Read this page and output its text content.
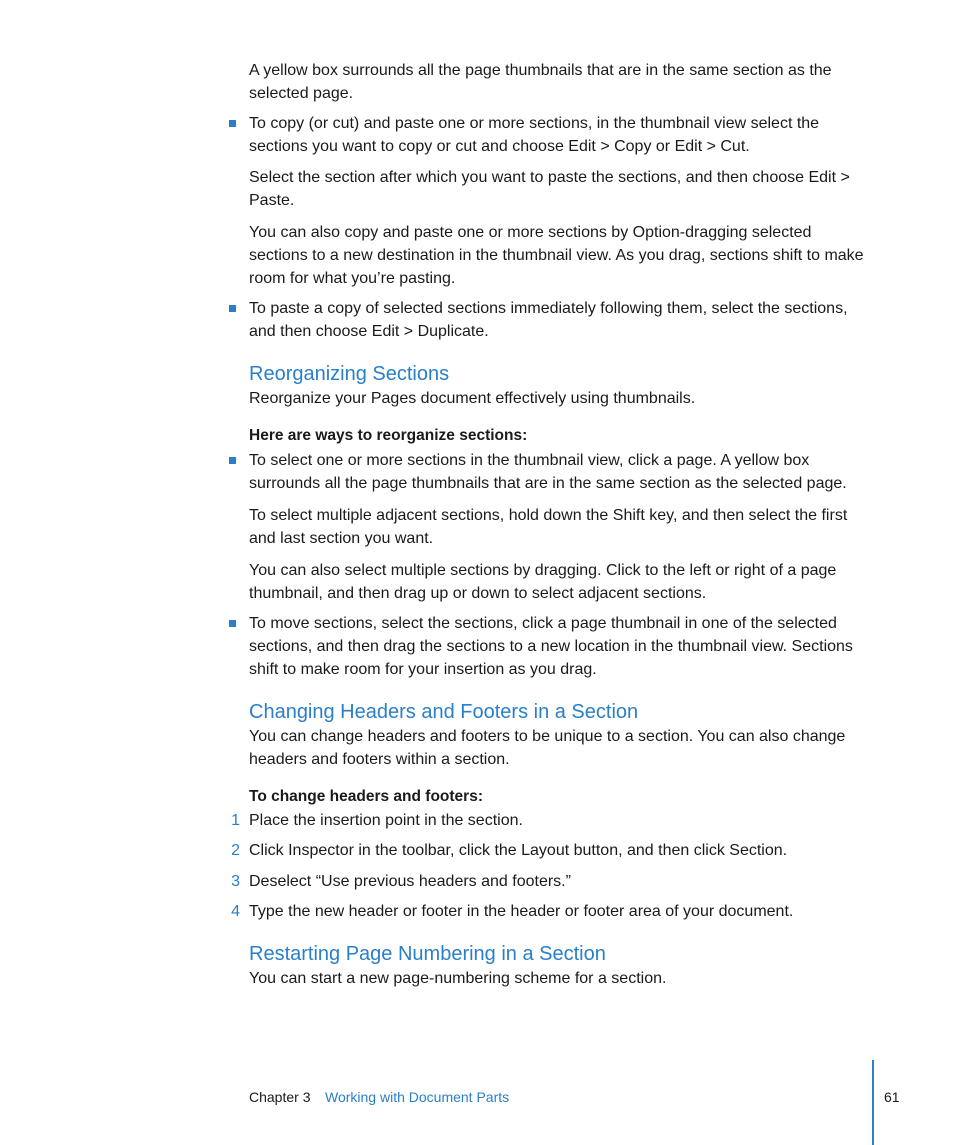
A yellow box surrounds all the page thumbnails that are in the same section as the selected page.

To copy (or cut) and paste one or more sections, in the thumbnail view select the sections you want to copy or cut and choose Edit > Copy or Edit > Cut.

Select the section after which you want to paste the sections, and then choose Edit > Paste.

You can also copy and paste one or more sections by Option-dragging selected sections to a new destination in the thumbnail view. As you drag, sections shift to make room for what you’re pasting.

To paste a copy of selected sections immediately following them, select the sections, and then choose Edit > Duplicate.

Reorganizing Sections

Reorganize your Pages document effectively using thumbnails.

Here are ways to reorganize sections:

To select one or more sections in the thumbnail view, click a page. A yellow box surrounds all the page thumbnails that are in the same section as the selected page.

To select multiple adjacent sections, hold down the Shift key, and then select the first and last section you want.

You can also select multiple sections by dragging. Click to the left or right of a page thumbnail, and then drag up or down to select adjacent sections.

To move sections, select the sections, click a page thumbnail in one of the selected sections, and then drag the sections to a new location in the thumbnail view. Sections shift to make room for your insertion as you drag.

Changing Headers and Footers in a Section

You can change headers and footers to be unique to a section. You can also change headers and footers within a section.

To change headers and footers:

1 Place the insertion point in the section.

2 Click Inspector in the toolbar, click the Layout button, and then click Section.

3 Deselect “Use previous headers and footers.”

4 Type the new header or footer in the header or footer area of your document.

Restarting Page Numbering in a Section

You can start a new page-numbering scheme for a section.

Chapter 3 Working with Document Parts	61
